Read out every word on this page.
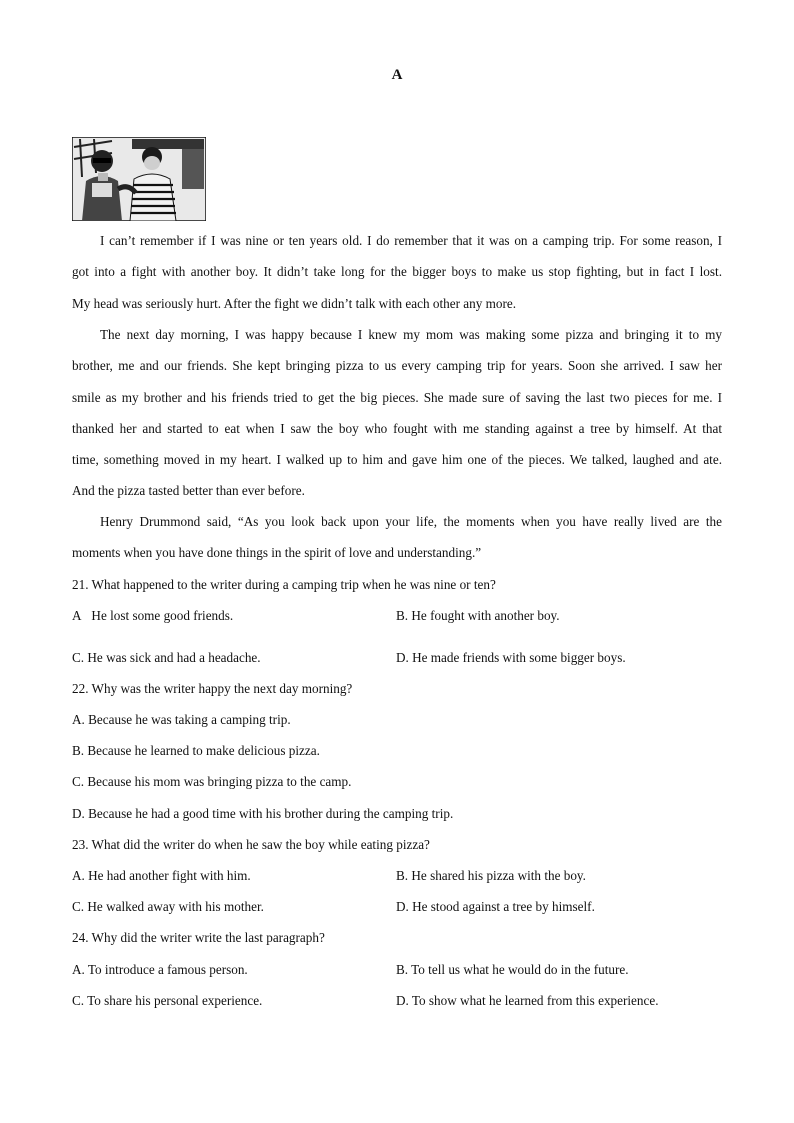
A
I can’t remember if I was nine or ten years old. I do remember that it was on a camping trip. For some reason, I
got into a fight with another boy. It didn’t take long for the bigger boys to make us stop fighting, but in fact I lost.
My head was seriously hurt. After the fight we didn’t talk with each other any more.
The next day morning, I was happy because I knew my mom was making some pizza and bringing it to my
brother, me and our friends. She kept bringing pizza to us every camping trip for years. Soon she arrived. I saw her
smile as my brother and his friends tried to get the big pieces. She made sure of saving the last two pieces for me. I
thanked her and started to eat when I saw the boy who fought with me standing against a tree by himself. At that
time, something moved in my heart. I walked up to him and gave him one of the pieces. We talked, laughed and ate.
And the pizza tasted better than ever before.
Henry Drummond said, “As you look back upon your life, the moments when you have really lived are the
moments when you have done things in the spirit of love and understanding.”
21. What happened to the writer during a camping trip when he was nine or ten?
A  He lost some good friends.	B. He fought with another boy.
C. He was sick and had a headache.	D. He made friends with some bigger boys.
22. Why was the writer happy the next day morning?
A. Because he was taking a camping trip.
B. Because he learned to make delicious pizza.
C. Because his mom was bringing pizza to the camp.
D. Because he had a good time with his brother during the camping trip.
23. What did the writer do when he saw the boy while eating pizza?
A. He had another fight with him.	B. He shared his pizza with the boy.
C. He walked away with his mother.	D. He stood against a tree by himself.
24. Why did the writer write the last paragraph?
A. To introduce a famous person.	B. To tell us what he would do in the future.
C. To share his personal experience.	D. To show what he learned from this experience.
